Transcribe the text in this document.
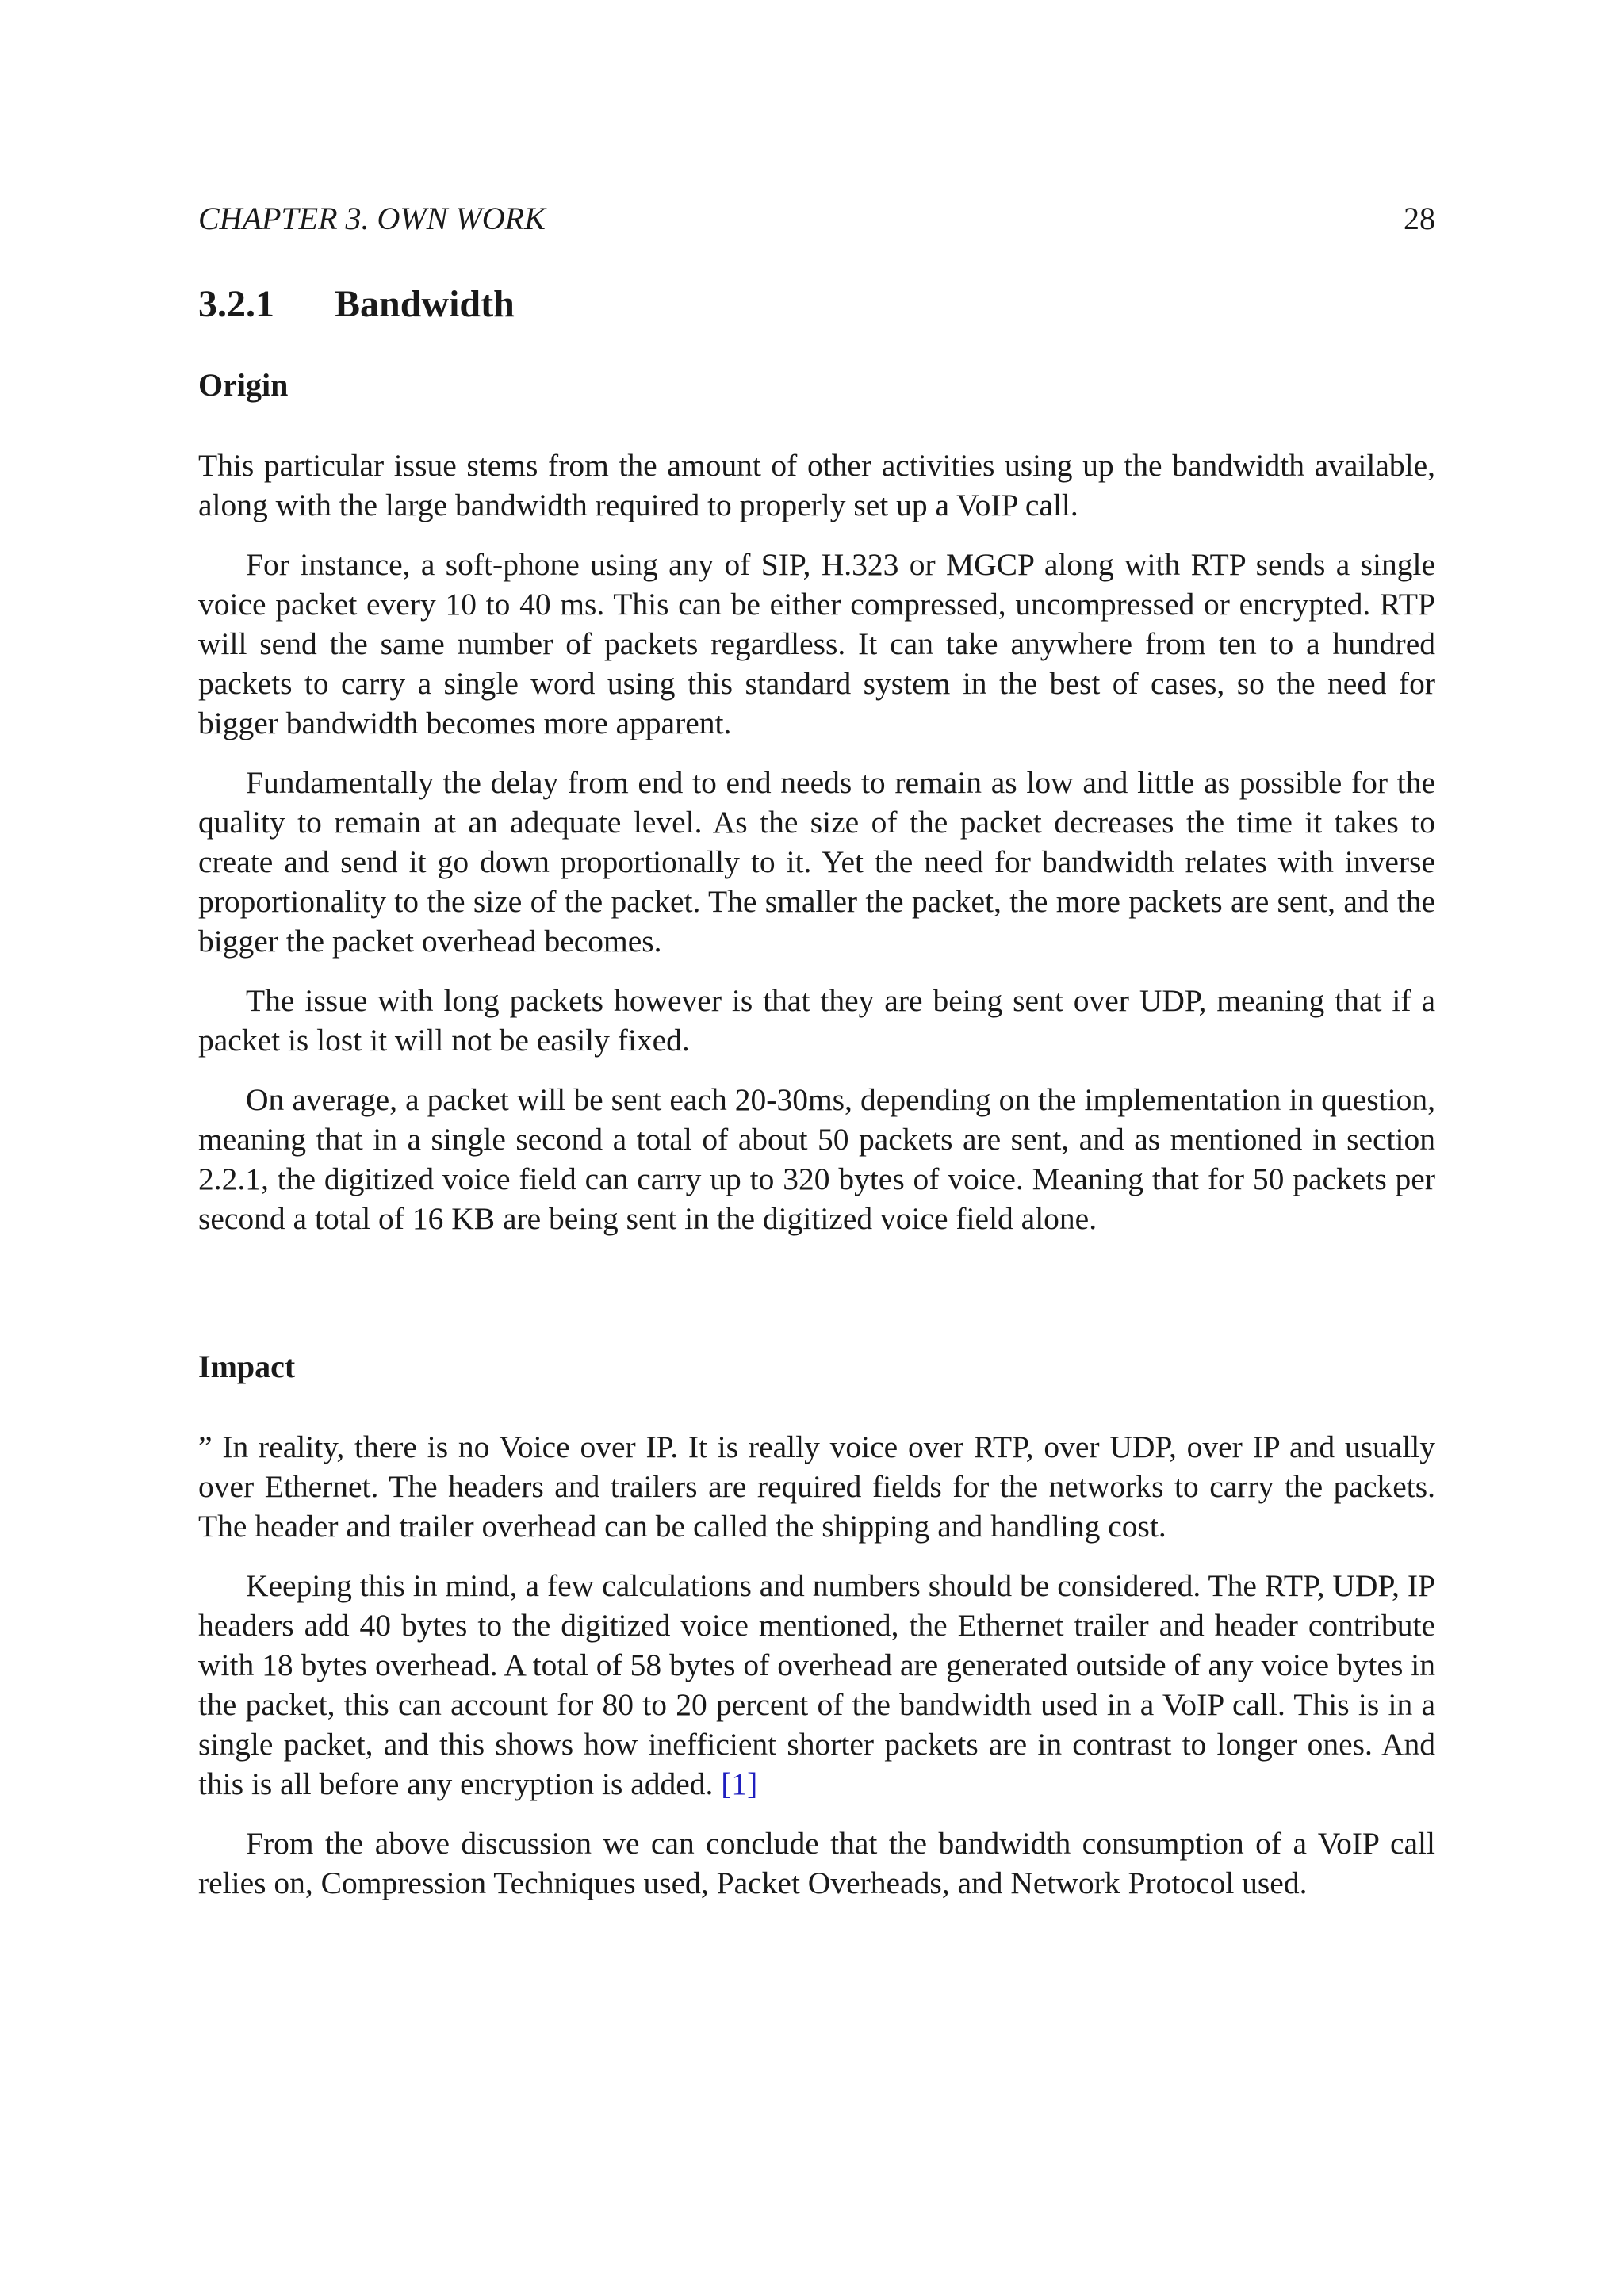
CHAPTER 3. OWN WORK	28
3.2.1 Bandwidth
Origin

This particular issue stems from the amount of other activities using up the bandwidth available, along with the large bandwidth required to properly set up a VoIP call.

For instance, a soft-phone using any of SIP, H.323 or MGCP along with RTP sends a single voice packet every 10 to 40 ms. This can be either compressed, uncompressed or encrypted. RTP will send the same number of packets regardless. It can take anywhere from ten to a hundred packets to carry a single word using this standard system in the best of cases, so the need for bigger bandwidth becomes more apparent.

Fundamentally the delay from end to end needs to remain as low and little as possible for the quality to remain at an adequate level. As the size of the packet decreases the time it takes to create and send it go down proportionally to it. Yet the need for bandwidth relates with inverse proportionality to the size of the packet. The smaller the packet, the more packets are sent, and the bigger the packet overhead becomes.

The issue with long packets however is that they are being sent over UDP, meaning that if a packet is lost it will not be easily fixed.

On average, a packet will be sent each 20-30ms, depending on the implementation in question, meaning that in a single second a total of about 50 packets are sent, and as mentioned in section 2.2.1, the digitized voice field can carry up to 320 bytes of voice. Meaning that for 50 packets per second a total of 16 KB are being sent in the digitized voice field alone.

Impact

” In reality, there is no Voice over IP. It is really voice over RTP, over UDP, over IP and usually over Ethernet. The headers and trailers are required fields for the networks to carry the packets. The header and trailer overhead can be called the shipping and handling cost.

Keeping this in mind, a few calculations and numbers should be considered. The RTP, UDP, IP headers add 40 bytes to the digitized voice mentioned, the Ethernet trailer and header contribute with 18 bytes overhead. A total of 58 bytes of overhead are generated outside of any voice bytes in the packet, this can account for 80 to 20 percent of the bandwidth used in a VoIP call. This is in a single packet, and this shows how inefficient shorter packets are in contrast to longer ones. And this is all before any encryption is added. [1]

From the above discussion we can conclude that the bandwidth consumption of a VoIP call relies on, Compression Techniques used, Packet Overheads, and Network Protocol used.
